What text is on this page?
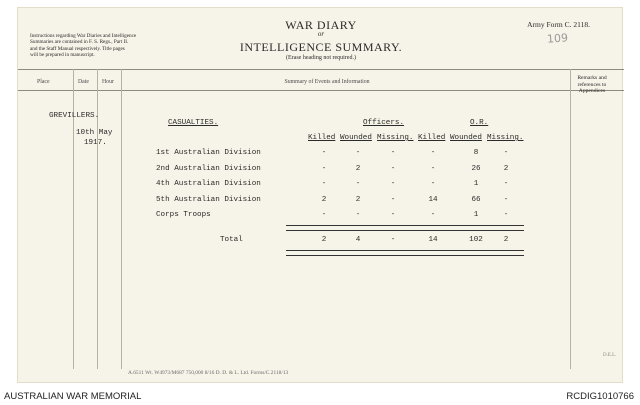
Instructions regarding War Diaries and Intelligence
Summaries are contained in F. S. Regs., Part II.
and the Staff Manual respectively. Title pages
will be prepared in manuscript.
WAR DIARY
or
INTELLIGENCE SUMMARY.
(Erase heading not required.)
Army Form C. 2118.
109
Place	Date Hour	Summary of Events and Information
Remarks and
references to
Appendices
GREVILLERS.
10th May
1917.
CASUALTIES.	Officers.	O.R.
Killed Wounded Missing. Killed Wounded Missing.
1st Australian Division	-	-	-	-	8	-
2nd Australian Division	-	2	-	-	26	2
4th Australian Division	-	-	-	-	1	-
5th Australian Division	2	2	-	14	66	-
Corps Troops	-	-	-	-	1	-
Total	2	4	-	14	102	2
A.6511 Wt. W4973/M687 750,000 8/16 D. D. & L. Ltd. Forms/C.2118/13
D.E.L.
AUSTRALIAN WAR MEMORIAL	RCDIG1010766
